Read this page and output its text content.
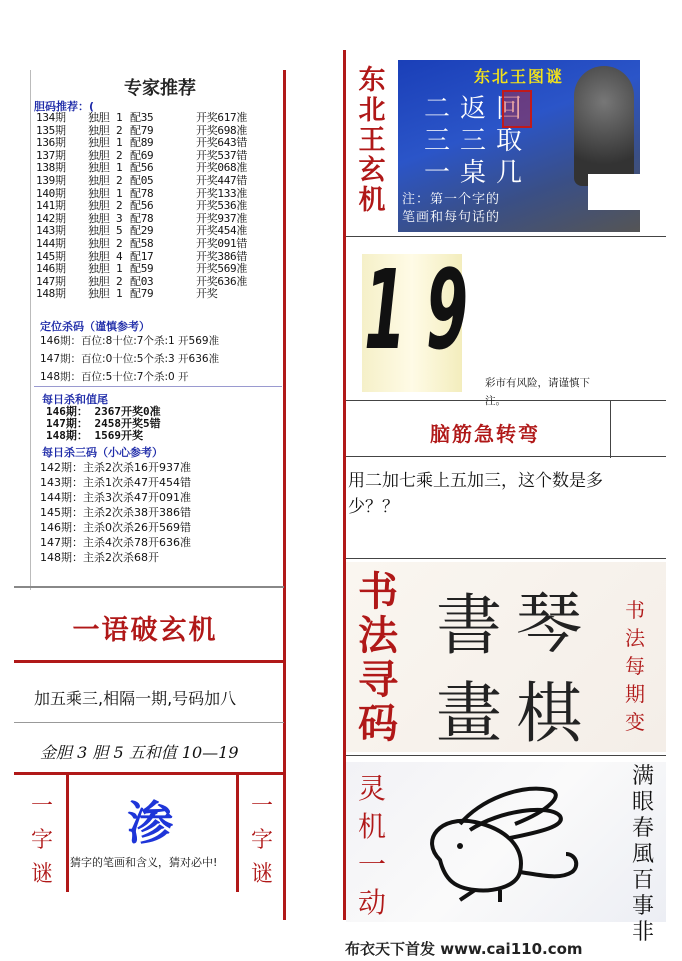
专家推荐
胆码推荐：(
134期 独胆 1 配35	开奖617准
135期 独胆 2 配79	开奖698准
136期 独胆 1 配89	开奖643错
137期 独胆 2 配69	开奖537错
138期 独胆 1 配56	开奖068准
139期 独胆 2 配05	开奖447错
140期 独胆 1 配78	开奖133准
141期 独胆 2 配56	开奖536准
142期 独胆 3 配78	开奖937准
143期 独胆 5 配29	开奖454准
144期 独胆 2 配58	开奖091错
145期 独胆 4 配17	开奖386错
146期 独胆 1 配59	开奖569准
147期 独胆 2 配03	开奖636准
148期 独胆 1 配79	开奖
定位杀码（谨慎参考）
146期：百位:8十位:7个杀:1 开569准
147期：百位:0十位:5个杀:3 开636准
148期：百位:5十位:7个杀:0 开
每日杀和值尾
146期： 2367开奖0准
147期： 2458开奖5错
148期： 1569开奖
每日杀三码（小心参考）
142期：主杀2次杀16开937准
143期：主杀1次杀47开454错
144期：主杀3次杀47开091准
145期：主杀2次杀38开386错
146期：主杀0次杀26开569错
147期：主杀4次杀78开636准
148期：主杀2次杀68开
一语破玄机
加五乘三,相隔一期,号码加八
金胆 3 胆 5 五和值 10—19
一
字
谜
一
字
谜
渗
猜字的笔画和含义，猜对必中!
东
北
王
玄
机
东北王图谜
二返回
三三取
一桌几
注：第一个字的
笔画和每句话的
1 9
彩市有风险，请谨慎下注。
脑筋急转弯
用二加七乘上五加三，这个数是多少？？
书
法
寻
码
書 琴
畫 棋
书
法
每
期
变
灵
机
一
动
满
眼
春
風
百
事
非
布衣天下首发 www.cai110.com
